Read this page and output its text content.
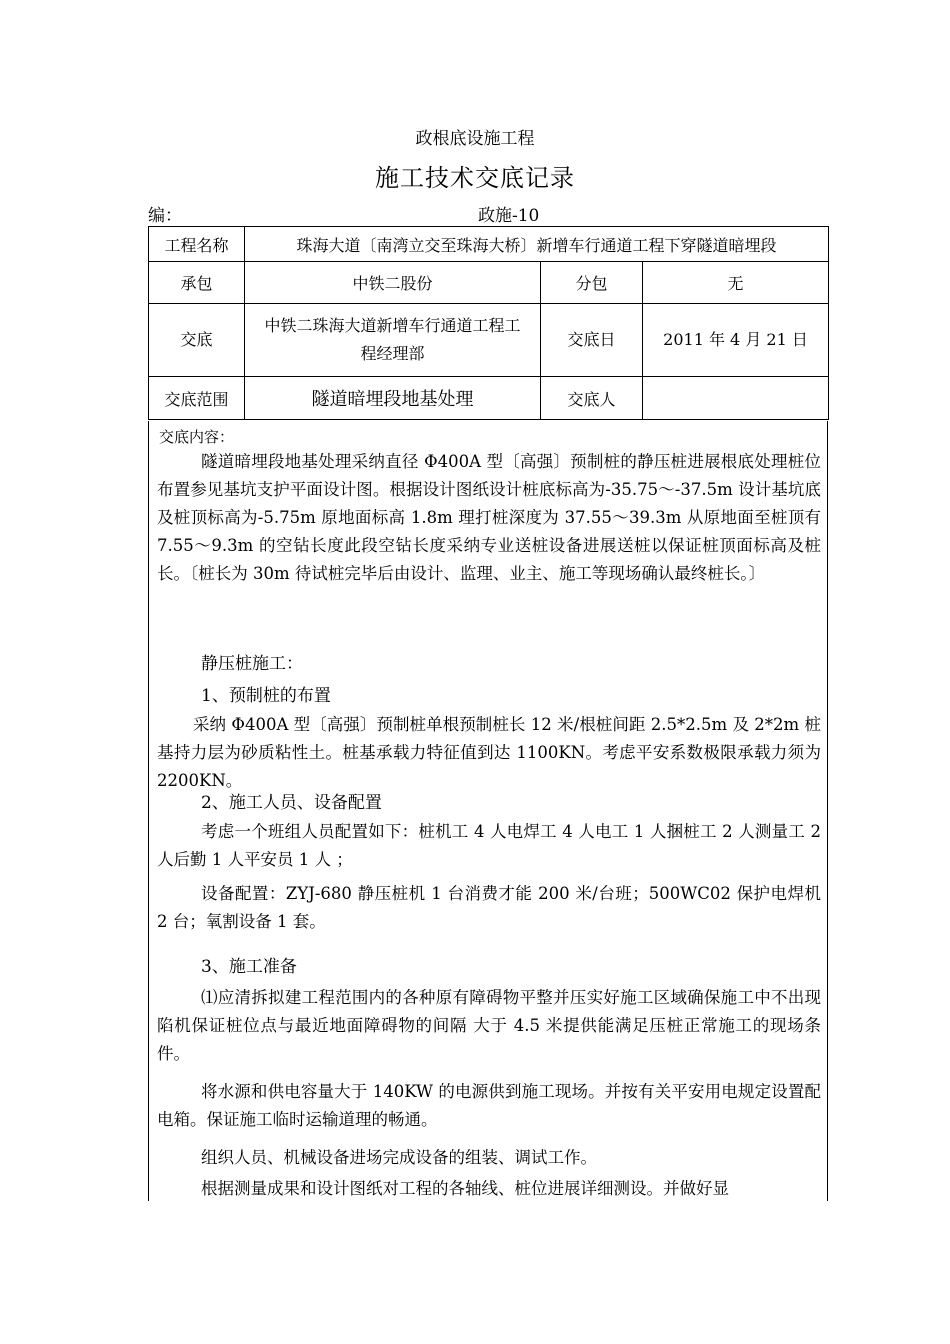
政根底设施工程
施工技术交底记录
编：	政施-10
工程名称	珠海大道〔南湾立交至珠海大桥〕新增车行通道工程下穿隧道暗埋段		
承包	中铁二股份	分包	无
交底	中铁二珠海大道新增车行通道工程工
程经理部	交底日	2011 年 4 月 21 日
交底范围	隧道暗埋段地基处理	交底人	
交底内容：
隧道暗埋段地基处理采纳直径 Φ400A 型〔高强〕预制桩的静压桩进展根底处理桩位布置参见基坑支护平面设计图。根据设计图纸设计桩底标高为-35.75～-37.5m 设计基坑底及桩顶标高为-5.75m 原地面标高 1.8m 理打桩深度为 37.55～39.3m 从原地面至桩顶有 7.55～9.3m 的空钻长度此段空钻长度采纳专业送桩设备进展送桩以保证桩顶面标高及桩长。〔桩长为 30m 待试桩完毕后由设计、监理、业主、施工等现场确认最终桩长。〕
静压桩施工：
1、预制桩的布置
采纳 Φ400A 型〔高强〕预制桩单根预制桩长 12 米/根桩间距 2.5*2.5m 及 2*2m 桩基持力层为砂质粘性土。桩基承载力特征值到达 1100KN。考虑平安系数极限承载力须为 2200KN。
2、施工人员、设备配置
考虑一个班组人员配置如下：桩机工 4 人电焊工 4 人电工 1 人捆桩工 2 人测量工 2 人后勤 1 人平安员 1 人 ；
设备配置：ZYJ-680 静压桩机 1 台消费才能 200 米/台班；500WC02 保护电焊机 2 台；氧割设备 1 套。
3、施工准备
⑴应清拆拟建工程范围内的各种原有障碍物平整并压实好施工区域确保施工中不出现陷机保证桩位点与最近地面障碍物的间隔 大于 4.5 米提供能满足压桩正常施工的现场条件。
将水源和供电容量大于 140KW 的电源供到施工现场。并按有关平安用电规定设置配电箱。保证施工临时运输道理的畅通。
组织人员、机械设备进场完成设备的组装、调试工作。
根据测量成果和设计图纸对工程的各轴线、桩位进展详细测设。并做好显
